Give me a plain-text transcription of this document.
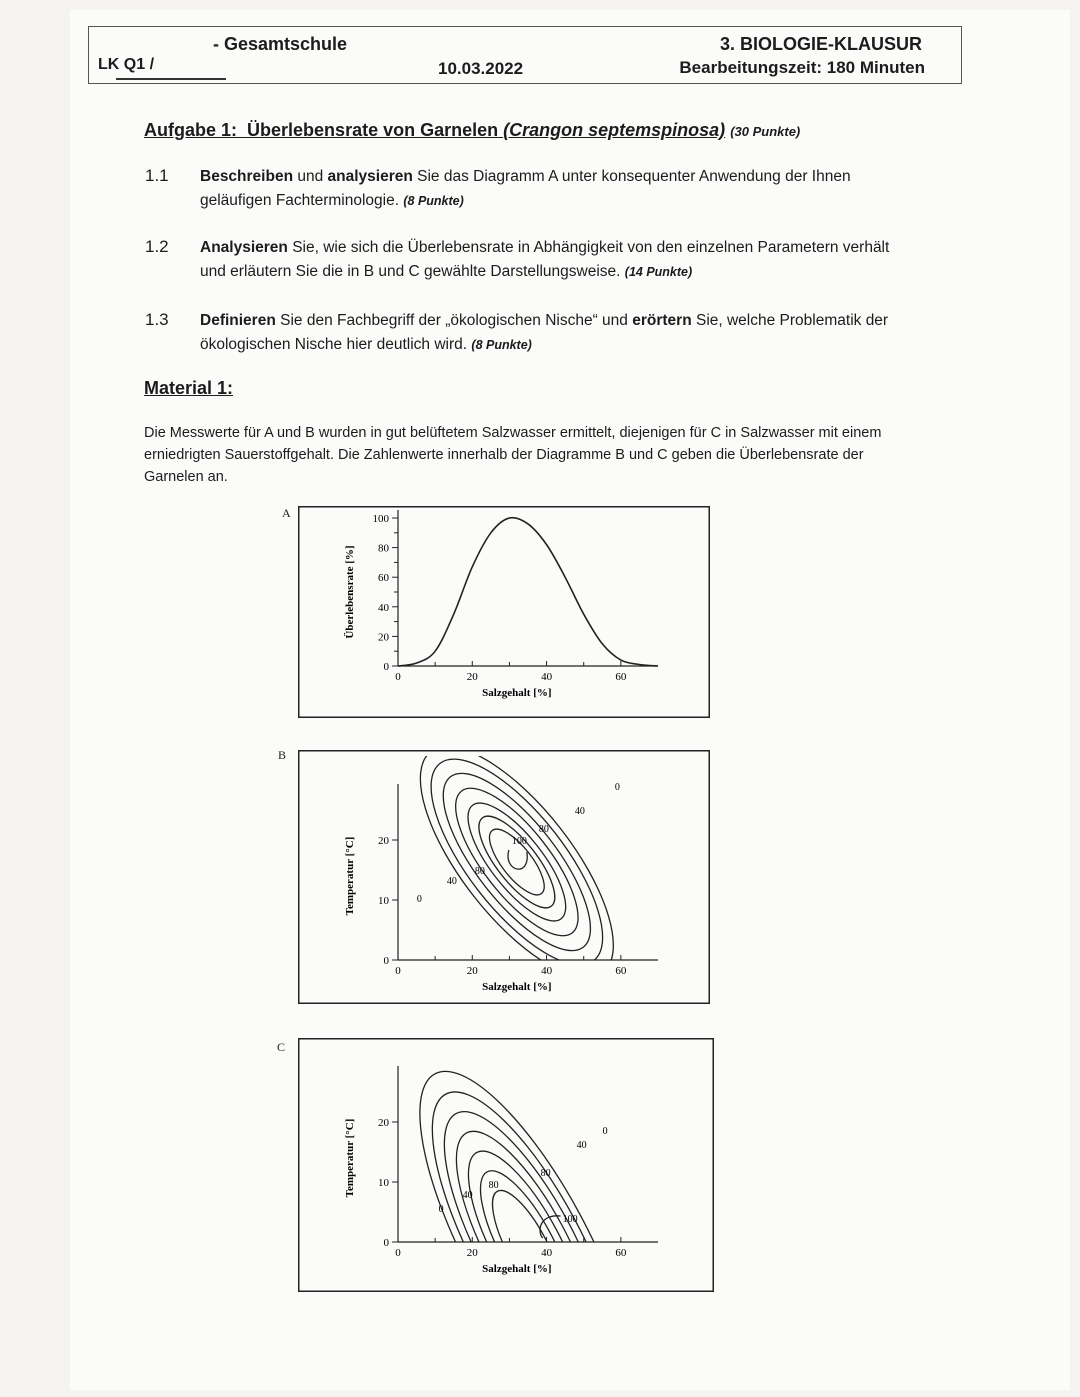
- Gesamtschule
LK Q1 /	10.03.2022
3. BIOLOGIE-KLAUSUR
Bearbeitungszeit: 180 Minuten
Aufgabe 1: Überlebensrate von Garnelen (Crangon septemspinosa) (30 Punkte)
1.1 Beschreiben und analysieren Sie das Diagramm A unter konsequenter Anwendung der Ihnen geläufigen Fachterminologie. (8 Punkte)
1.2 Analysieren Sie, wie sich die Überlebensrate in Abhängigkeit von den einzelnen Parametern verhält und erläutern Sie die in B und C gewählte Darstellungsweise. (14 Punkte)
1.3 Definieren Sie den Fachbegriff der „ökologischen Nische“ und erörtern Sie, welche Problematik der ökologischen Nische hier deutlich wird. (8 Punkte)
Material 1:
Die Messwerte für A und B wurden in gut belüftetem Salzwasser ermittelt, diejenigen für C in Salzwasser mit einem erniedrigten Sauerstoffgehalt. Die Zahlenwerte innerhalb der Diagramme B und C geben die Überlebensrate der Garnelen an.
A
B
C
0
20
40
60
80
100
0	20	40	60
Überlebensrate [%]
Salzgehalt [%]
0
10
20
0	20	40	60
100
80
80
40
40
0
0
Temperatur [°C]
Salzgehalt [%]
0
10
20
0	20	40	60
100
80
80
40
40
0
0
Temperatur [°C]
Salzgehalt [%]
